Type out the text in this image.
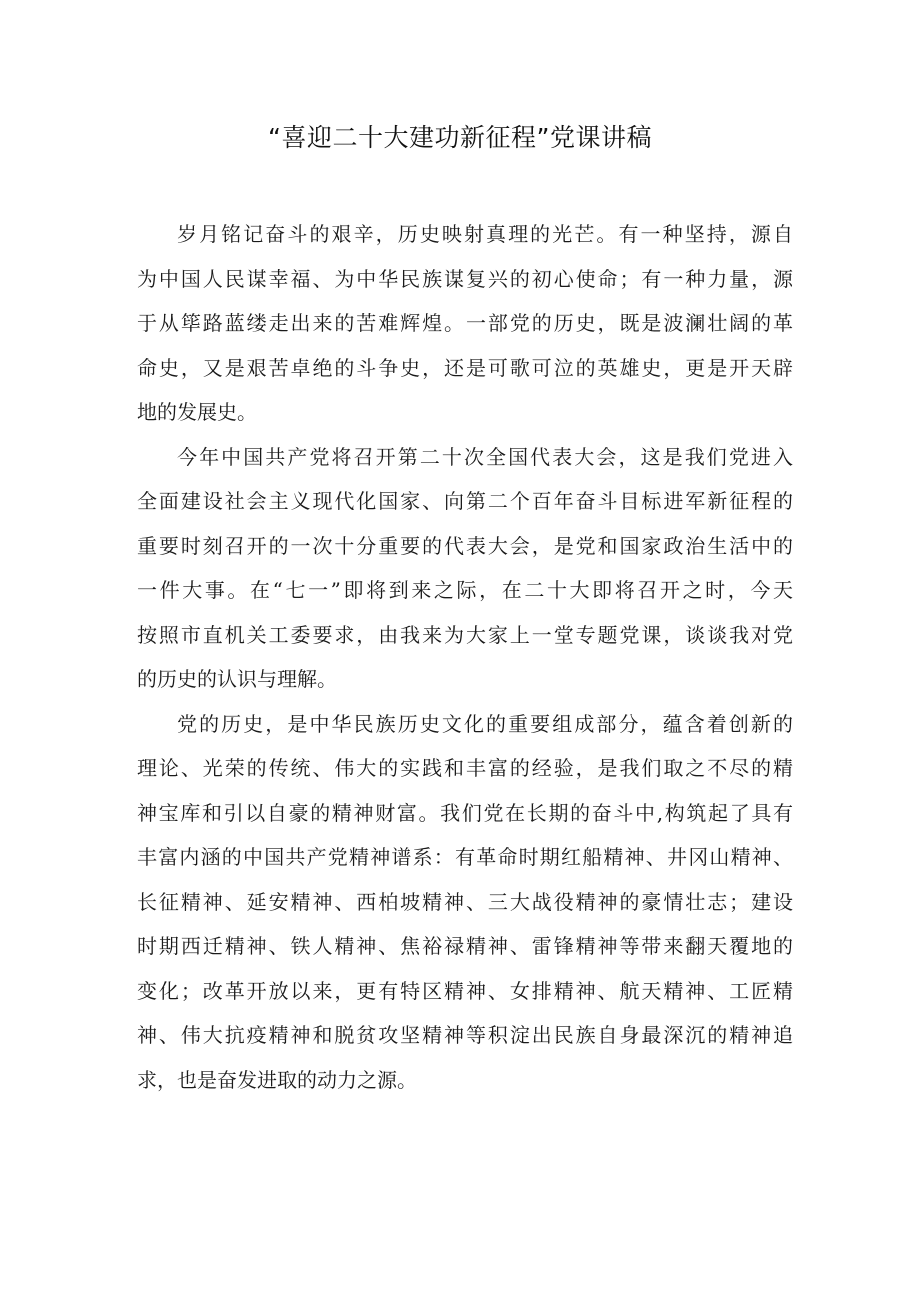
“喜迎二十大建功新征程”党课讲稿

岁月铭记奋斗的艰辛，历史映射真理的光芒。有一种坚持，源自
为中国人民谋幸福、为中华民族谋复兴的初心使命；有一种力量，源
于从筚路蓝缕走出来的苦难辉煌。一部党的历史，既是波澜壮阔的革
命史，又是艰苦卓绝的斗争史，还是可歌可泣的英雄史，更是开天辟
地的发展史。

今年中国共产党将召开第二十次全国代表大会，这是我们党进入
全面建设社会主义现代化国家、向第二个百年奋斗目标进军新征程的
重要时刻召开的一次十分重要的代表大会，是党和国家政治生活中的
一件大事。在“七一”即将到来之际，在二十大即将召开之时，今天
按照市直机关工委要求，由我来为大家上一堂专题党课，谈谈我对党
的历史的认识与理解。

党的历史，是中华民族历史文化的重要组成部分，蕴含着创新的
理论、光荣的传统、伟大的实践和丰富的经验，是我们取之不尽的精
神宝库和引以自豪的精神财富。我们党在长期的奋斗中,构筑起了具有
丰富内涵的中国共产党精神谱系：有革命时期红船精神、井冈山精神、
长征精神、延安精神、西柏坡精神、三大战役精神的豪情壮志；建设
时期西迁精神、铁人精神、焦裕禄精神、雷锋精神等带来翻天覆地的
变化；改革开放以来，更有特区精神、女排精神、航天精神、工匠精
神、伟大抗疫精神和脱贫攻坚精神等积淀出民族自身最深沉的精神追
求，也是奋发进取的动力之源。
